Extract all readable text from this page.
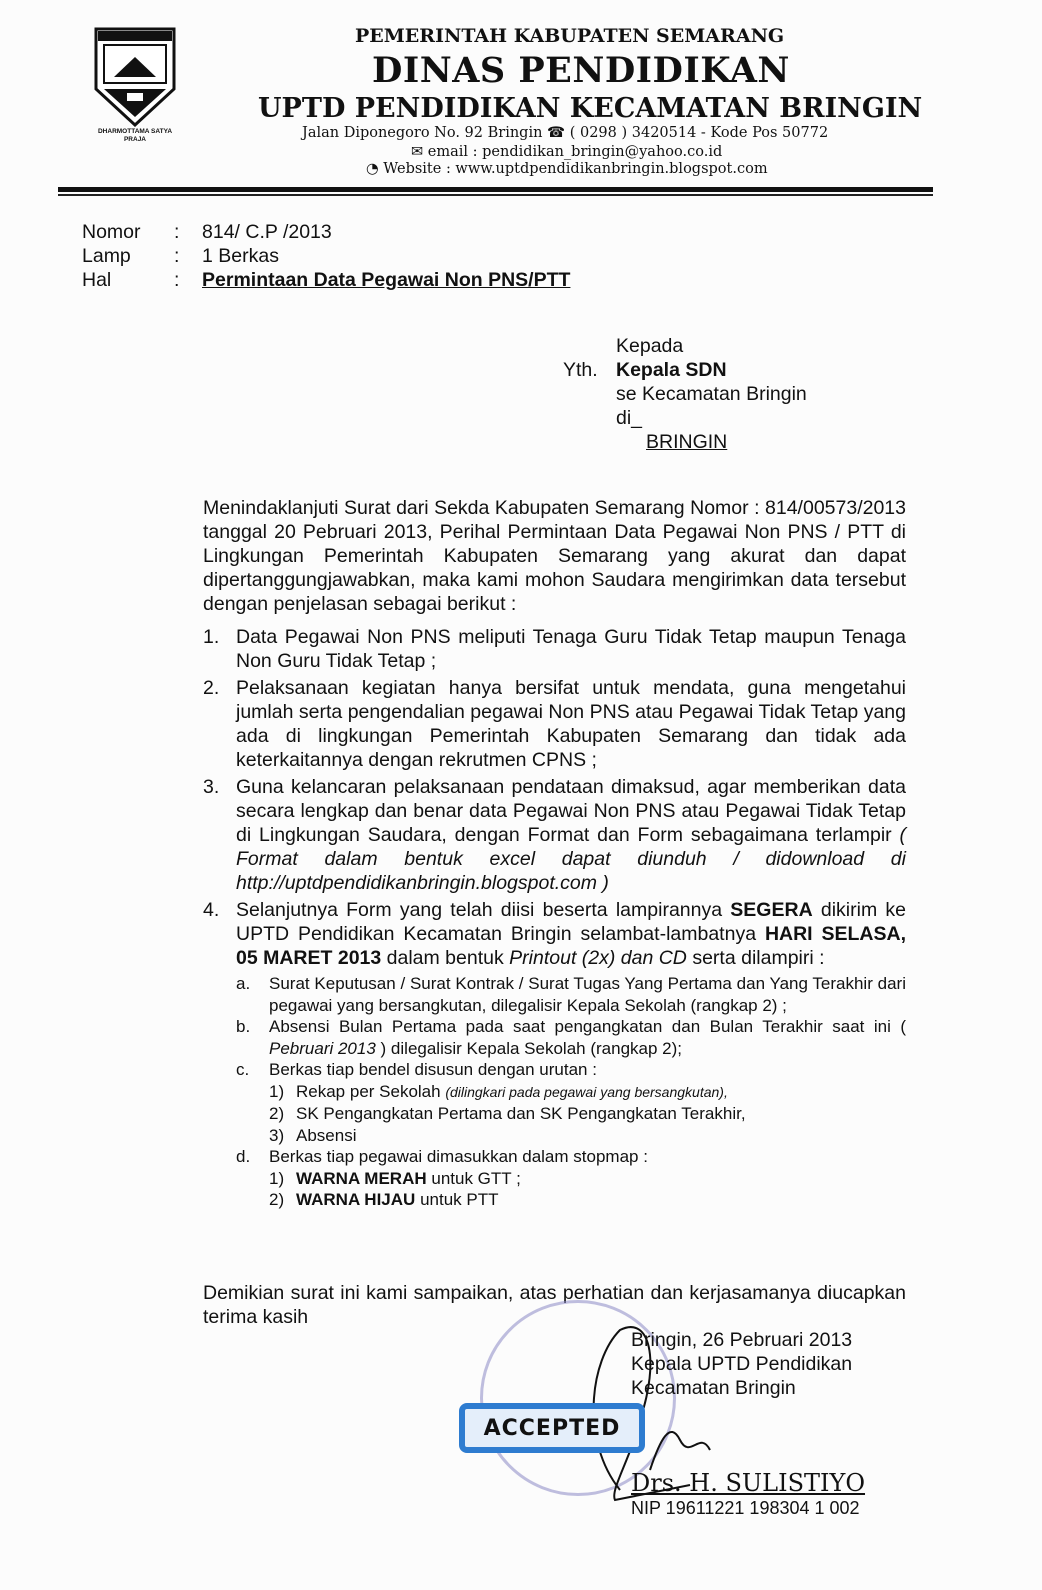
DHARMOTTAMA SATYA PRAJA
PEMERINTAH KABUPATEN SEMARANG
DINAS PENDIDIKAN
UPTD PENDIDIKAN KECAMATAN BRINGIN
Jalan Diponegoro No. 92 Bringin ☎ ( 0298 ) 3420514 - Kode Pos 50772
✉ email : pendidikan_bringin@yahoo.co.id
◔ Website : www.uptdpendidikanbringin.blogspot.com
Nomor	:	814/ C.P /2013
Lamp	:	1 Berkas
Hal	:	Permintaan Data Pegawai Non PNS/PTT
Kepada
Yth. Kepala SDN
se Kecamatan Bringin
di_
BRINGIN
Menindaklanjuti Surat dari Sekda Kabupaten Semarang Nomor : 814/00573/2013 tanggal 20 Pebruari 2013, Perihal Permintaan Data Pegawai Non PNS / PTT di Lingkungan Pemerintah Kabupaten Semarang yang akurat dan dapat dipertanggungjawabkan, maka kami mohon Saudara mengirimkan data tersebut dengan penjelasan sebagai berikut :
1. Data Pegawai Non PNS meliputi Tenaga Guru Tidak Tetap maupun Tenaga Non Guru Tidak Tetap ;
2. Pelaksanaan kegiatan hanya bersifat untuk mendata, guna mengetahui jumlah serta pengendalian pegawai Non PNS atau Pegawai Tidak Tetap yang ada di lingkungan Pemerintah Kabupaten Semarang dan tidak ada keterkaitannya dengan rekrutmen CPNS ;
3. Guna kelancaran pelaksanaan pendataan dimaksud, agar memberikan data secara lengkap dan benar data Pegawai Non PNS atau Pegawai Tidak Tetap di Lingkungan Saudara, dengan Format dan Form sebagaimana terlampir ( Format dalam bentuk excel dapat diunduh / didownload di http://uptdpendidikanbringin.blogspot.com )
4. Selanjutnya Form yang telah diisi beserta lampirannya SEGERA dikirim ke UPTD Pendidikan Kecamatan Bringin selambat-lambatnya HARI SELASA, 05 MARET 2013 dalam bentuk Printout (2x) dan CD serta dilampiri :
a.	Surat Keputusan / Surat Kontrak / Surat Tugas Yang Pertama dan Yang Terakhir dari pegawai yang bersangkutan, dilegalisir Kepala Sekolah (rangkap 2) ;
b.	Absensi Bulan Pertama pada saat pengangkatan dan Bulan Terakhir saat ini ( Pebruari 2013 ) dilegalisir Kepala Sekolah (rangkap 2);
c.	Berkas tiap bendel disusun dengan urutan :
1) Rekap per Sekolah (dilingkari pada pegawai yang bersangkutan),
2) SK Pengangkatan Pertama dan SK Pengangkatan Terakhir,
3) Absensi
d.	Berkas tiap pegawai dimasukkan dalam stopmap :
1) WARNA MERAH untuk GTT ;
2) WARNA HIJAU untuk PTT
Demikian surat ini kami sampaikan, atas perhatian dan kerjasamanya diucapkan terima kasih
Bringin, 26 Pebruari 2013
Kepala UPTD Pendidikan
Kecamatan Bringin
Drs. H. SULISTIYO
NIP 19611221 198304 1 002
ACCEPTED
